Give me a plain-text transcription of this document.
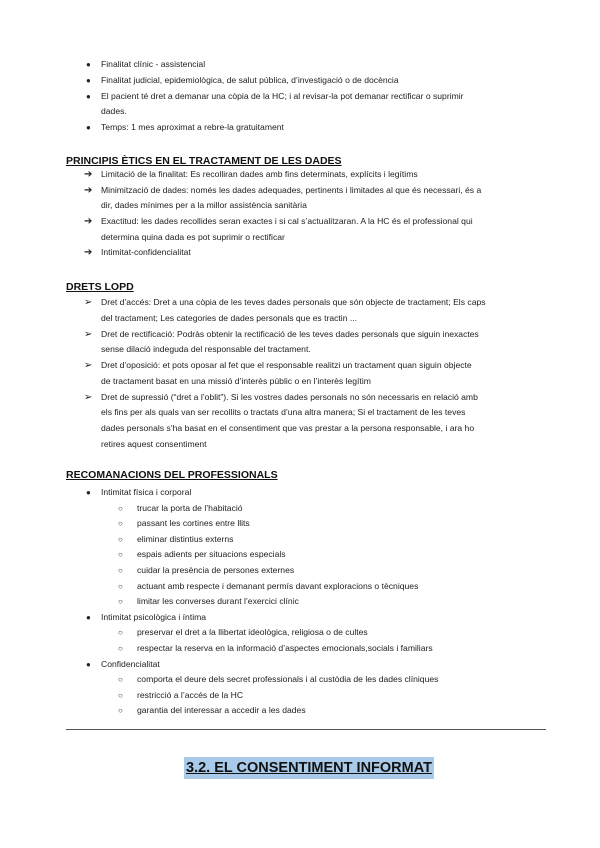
● Finalitat clínic - assistencial
● Finalitat judicial, epidemiològica, de salut pública, d’investigació o de docència
● El pacient té dret a demanar una còpia de la HC; i al revisar-la pot demanar rectificar o suprimir
dades.
● Temps: 1 mes aproximat a rebre-la gratuitament
PRINCIPIS ÈTICS EN EL TRACTAMENT DE LES DADES
➔ Limitació de la finalitat: Es recolliran dades amb fins determinats, explícits i legítims
➔ Minimització de dades: només les dades adequades, pertinents i limitades al que és necessari, és a
dir, dades mínimes per a la millor assistència sanitària
➔ Exactitud: les dades recollides seran exactes i si cal s’actualitzaran. A la HC és el professional qui
determina quina dada es pot suprimir o rectificar
➔ Intimitat-confidencialitat
DRETS LOPD
➢ Dret d’accés: Dret a una còpia de les teves dades personals que són objecte de tractament; Els caps
del tractament; Les categories de dades personals que es tractin ...
➢ Dret de rectificació: Podràs obtenir la rectificació de les teves dades personals que siguin inexactes
sense dilació indeguda del responsable del tractament.
➢ Dret d’oposició: et pots oposar al fet que el responsable realitzi un tractament quan siguin objecte
de tractament basat en una missió d’interès públic o en l’interès legítim
➢ Dret de supressió (“dret a l’oblit”). Si les vostres dades personals no són necessaris en relació amb
els fins per als quals van ser recollits o tractats d’una altra manera; Si el tractament de les teves
dades personals s’ha basat en el consentiment que vas prestar a la persona responsable, i ara ho
retires aquest consentiment
RECOMANACIONS DEL PROFESSIONALS
● Intimitat física i corporal
○ trucar la porta de l’habitació
○ passant les cortines entre llits
○ eliminar distintius externs
○ espais adients per situacions especials
○ cuidar la presència de persones externes
○ actuant amb respecte i demanant permís davant exploracions o tècniques
○ limitar les converses durant l’exercici clínic
● Intimitat psicològica i íntima
○ preservar el dret a la llibertat ideològica, religiosa o de cultes
○ respectar la reserva en la informació d’aspectes emocionals,socials i familiars
● Confidencialitat
○ comporta el deure dels secret professionals i al custòdia de les dades clíniques
○ restricció a l’accés de la HC
○ garantia del interessar a accedir a les dades
3.2. EL CONSENTIMENT INFORMAT
